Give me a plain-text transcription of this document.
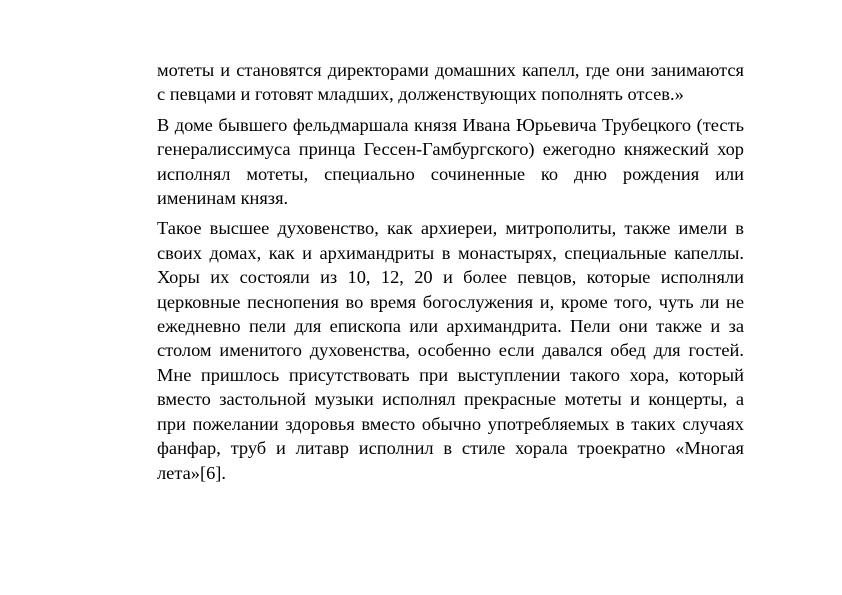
мотеты и становятся директорами домашних капелл, где они занимаются с певцами и готовят младших, долженствующих пополнять отсев.»

В доме бывшего фельдмаршала князя Ивана Юрьевича Трубецкого (тесть генералиссимуса принца Гессен-Гамбургского) ежегодно княжеский хор исполнял мотеты, специально сочиненные ко дню рождения или именинам князя.

Такое высшее духовенство, как архиереи, митрополиты, также имели в своих домах, как и архимандриты в монастырях, специальные капеллы. Хоры их состояли из 10, 12, 20 и более певцов, которые исполняли церковные песнопения во время богослужения и, кроме того, чуть ли не ежедневно пели для епископа или архимандрита. Пели они также и за столом именитого духовенства, особенно если давался обед для гостей. Мне пришлось присутствовать при выступлении такого хора, который вместо застольной музыки исполнял прекрасные мотеты и концерты, а при пожелании здоровья вместо обычно употребляемых в таких случаях фанфар, труб и литавр исполнил в стиле хорала троекратно «Многая лета»[6].
